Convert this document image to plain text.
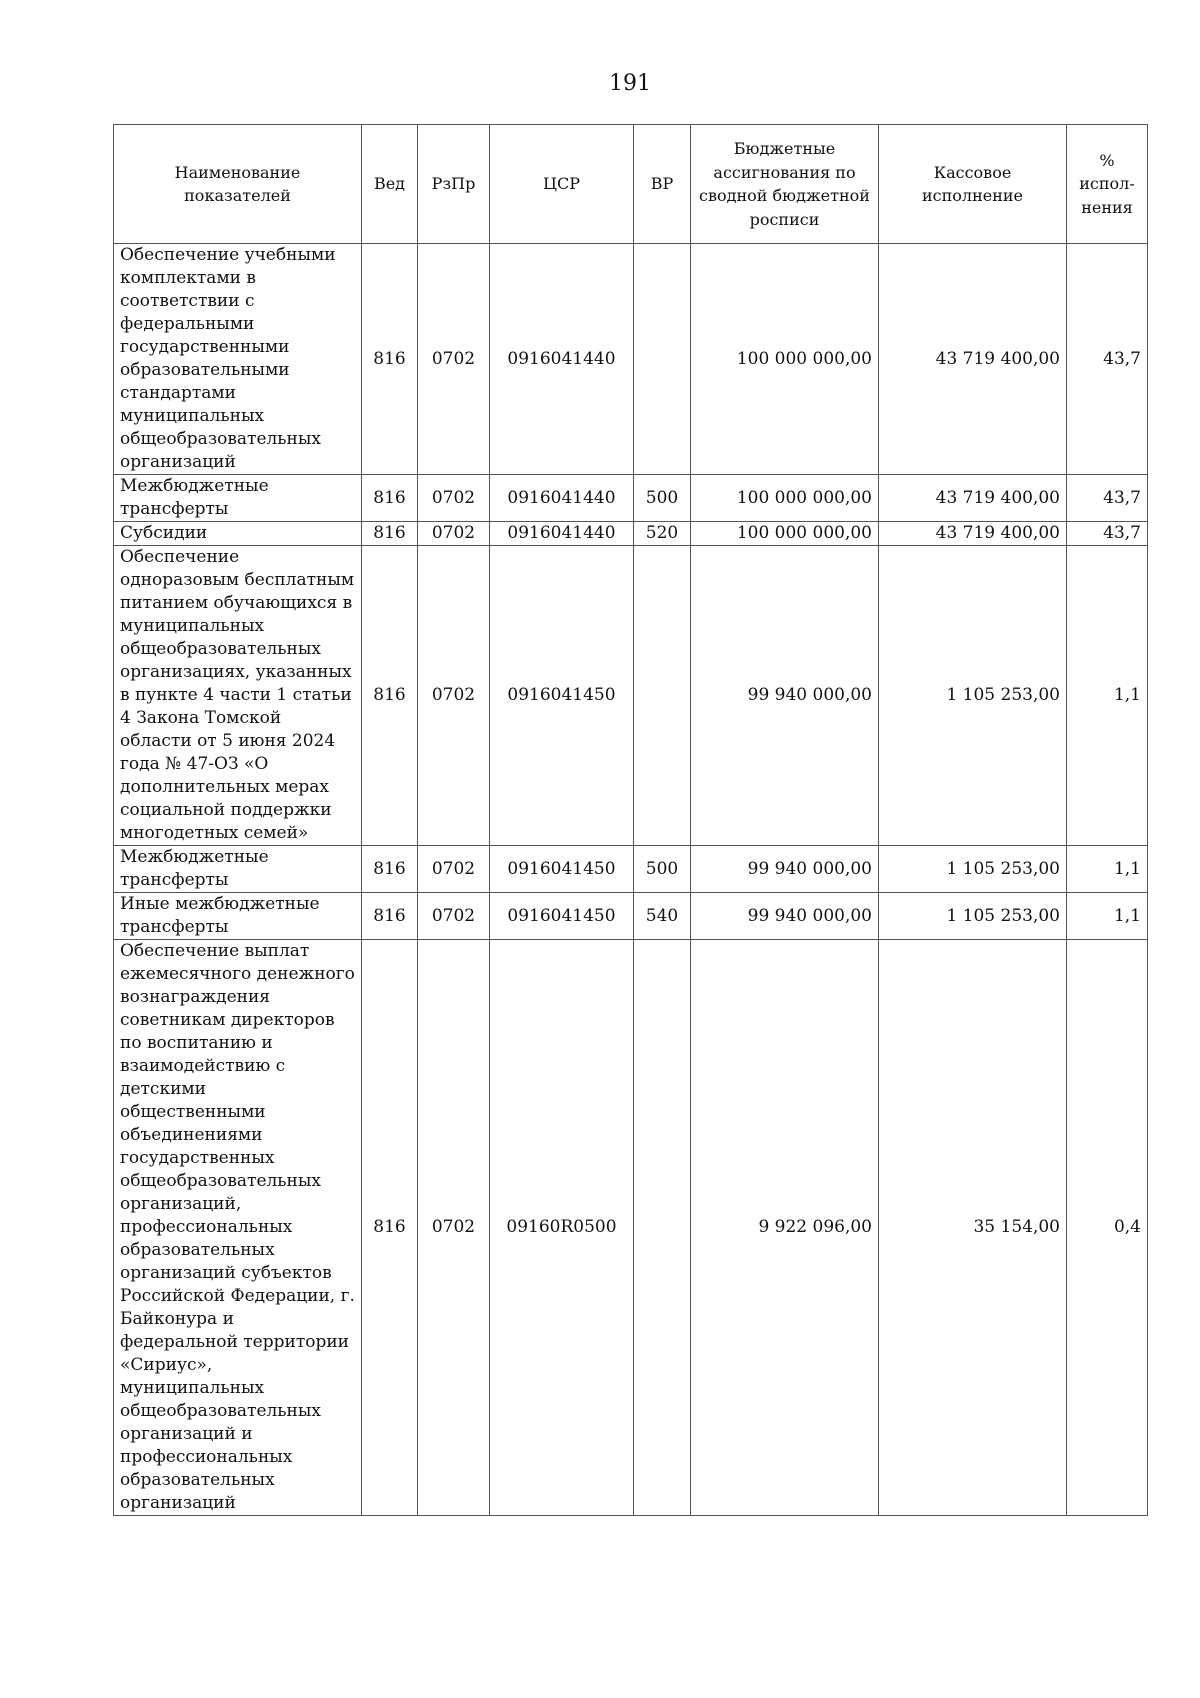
191
Наименование показателей	Вед	РзПр	ЦСР	ВР	Бюджетные ассигнования по сводной бюджетной росписи	Кассовое исполнение	% испол-нения
Обеспечение учебными комплектами в соответствии с федеральными государственными образовательными стандартами муниципальных общеобразовательных организаций	816	0702	0916041440		100 000 000,00	43 719 400,00	43,7
Межбюджетные трансферты	816	0702	0916041440	500	100 000 000,00	43 719 400,00	43,7
Субсидии	816	0702	0916041440	520	100 000 000,00	43 719 400,00	43,7
Обеспечение одноразовым бесплатным питанием обучающихся в муниципальных общеобразовательных организациях, указанных в пункте 4 части 1 статьи 4 Закона Томской области от 5 июня 2024 года № 47-ОЗ «О дополнительных мерах социальной поддержки многодетных семей»	816	0702	0916041450		99 940 000,00	1 105 253,00	1,1
Межбюджетные трансферты	816	0702	0916041450	500	99 940 000,00	1 105 253,00	1,1
Иные межбюджетные трансферты	816	0702	0916041450	540	99 940 000,00	1 105 253,00	1,1
Обеспечение выплат ежемесячного денежного вознаграждения советникам директоров по воспитанию и взаимодействию с детскими общественными объединениями государственных общеобразовательных организаций, профессиональных образовательных организаций субъектов Российской Федерации, г. Байконура и федеральной территории «Сириус», муниципальных общеобразовательных организаций и профессиональных образовательных организаций	816	0702	09160R0500		9 922 096,00	35 154,00	0,4
